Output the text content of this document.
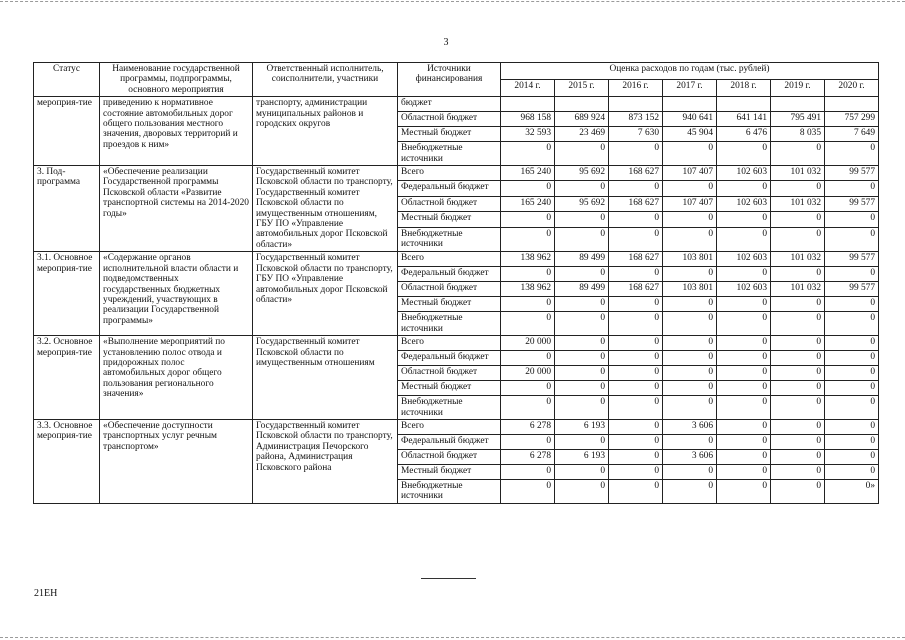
3
Статус	Наименование государственной программы, подпрограммы, основного мероприятия	Ответственный исполнитель, соисполнители, участники	Источники финансирования	Оценка расходов по годам (тыс. рублей)						
				2014 г.	2015 г.	2016 г.	2017 г.	2018 г.	2019 г.	2020 г.
мероприя-тие	приведению к нормативное состояние автомобильных дорог общего пользования местного значения, дворовых территорий и проездов к ним»	транспорту, администрации муниципальных районов и городских округов	бюджет							
			Областной бюджет	968 158	689 924	873 152	940 641	641 141	795 491	757 299
			Местный бюджет	32 593	23 469	7 630	45 904	6 476	8 035	7 649
			Внебюджетные источники	0	0	0	0	0	0	0
3. Под-программа	«Обеспечение реализации Государственной программы Псковской области «Развитие транспортной системы на 2014-2020 годы»	Государственный комитет Псковской области по транспорту, Государственный комитет Псковской области по имущественным отношениям, ГБУ ПО «Управление автомобильных дорог Псковской области»	Всего	165 240	95 692	168 627	107 407	102 603	101 032	99 577
			Федеральный бюджет	0	0	0	0	0	0	0
			Областной бюджет	165 240	95 692	168 627	107 407	102 603	101 032	99 577
			Местный бюджет	0	0	0	0	0	0	0
			Внебюджетные источники	0	0	0	0	0	0	0
3.1. Основное мероприя-тие	«Содержание органов исполнительной власти области и подведомственных государственных бюджетных учреждений, участвующих в реализации Государственной программы»	Государственный комитет Псковской области по транспорту, ГБУ ПО «Управление автомобильных дорог Псковской области»	Всего	138 962	89 499	168 627	103 801	102 603	101 032	99 577
			Федеральный бюджет	0	0	0	0	0	0	0
			Областной бюджет	138 962	89 499	168 627	103 801	102 603	101 032	99 577
			Местный бюджет	0	0	0	0	0	0	0
			Внебюджетные источники	0	0	0	0	0	0	0
3.2. Основное мероприя-тие	«Выполнение мероприятий по установлению полос отвода и придорожных полос автомобильных дорог общего пользования регионального значения»	Государственный комитет Псковской области по имущественным отношениям	Всего	20 000	0	0	0	0	0	0
			Федеральный бюджет	0	0	0	0	0	0	0
			Областной бюджет	20 000	0	0	0	0	0	0
			Местный бюджет	0	0	0	0	0	0	0
			Внебюджетные источники	0	0	0	0	0	0	0
3.3. Основное мероприя-тие	«Обеспечение доступности транспортных услуг речным транспортом»	Государственный комитет Псковской области по транспорту, Администрация Печорского района, Администрация Псковского района	Всего	6 278	6 193	0	3 606	0	0	0
			Федеральный бюджет	0	0	0	0	0	0	0
			Областной бюджет	6 278	6 193	0	3 606	0	0	0
			Местный бюджет	0	0	0	0	0	0	0
			Внебюджетные источники	0	0	0	0	0	0	0»
21ЕН
